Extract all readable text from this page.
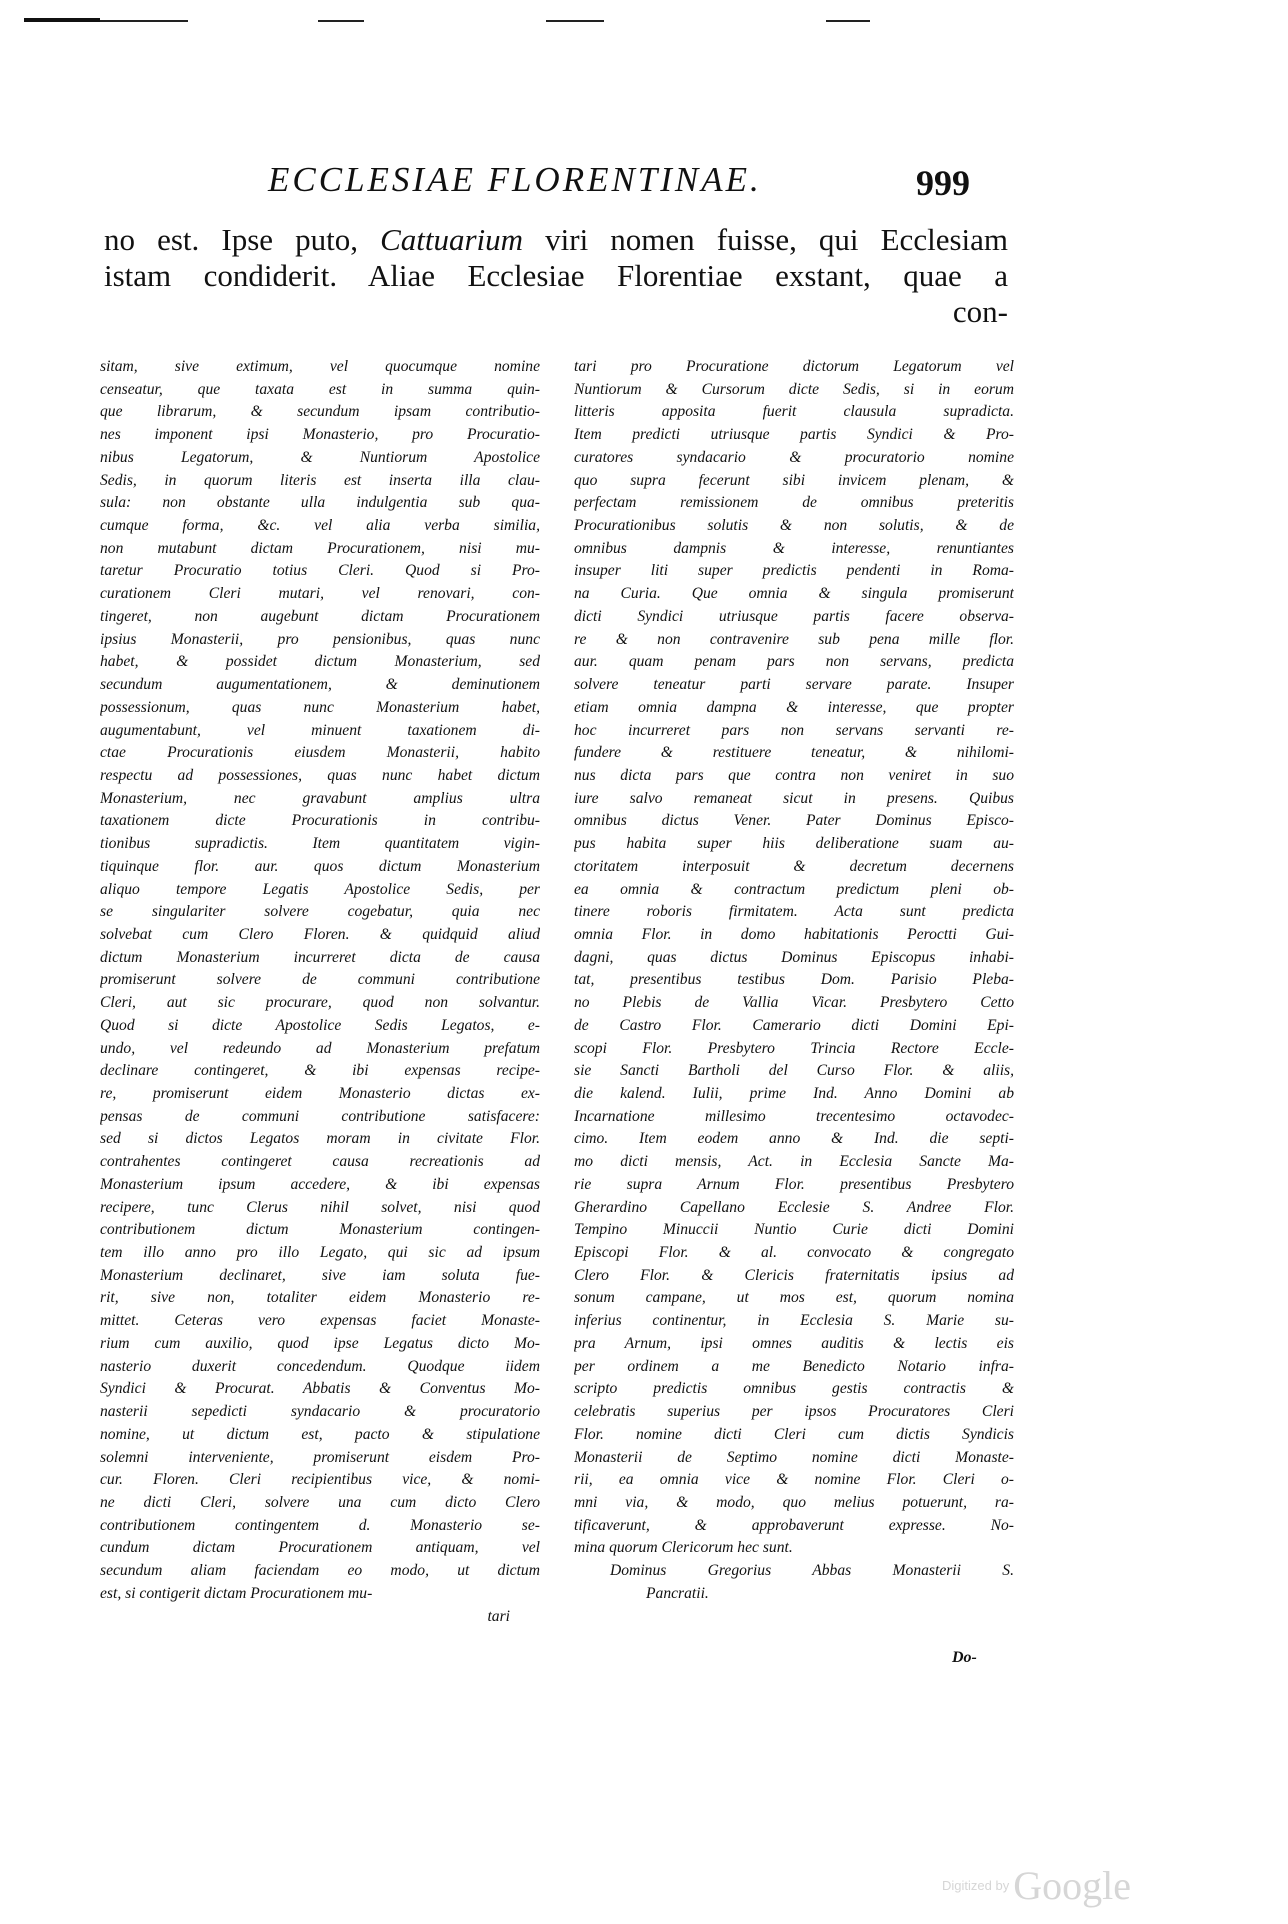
ECCLESIAE FLORENTINAE.	999
no est. Ipse puto, Cattuarium viri nomen fuisse, qui Ecclesiam
istam condiderit. Aliae Ecclesiae Florentiae exstant, quae a
con-
sitam, sive extimum, vel quocumque nomine
censeatur, que taxata est in summa quin-
que librarum, & secundum ipsam contributio-
nes imponent ipsi Monasterio, pro Procuratio-
nibus Legatorum, & Nuntiorum Apostolice
Sedis, in quorum literis est inserta illa clau-
sula: non obstante ulla indulgentia sub qua-
cumque forma, &c. vel alia verba similia,
non mutabunt dictam Procurationem, nisi mu-
taretur Procuratio totius Cleri. Quod si Pro-
curationem Cleri mutari, vel renovari, con-
tingeret, non augebunt dictam Procurationem
ipsius Monasterii, pro pensionibus, quas nunc
habet, & possidet dictum Monasterium, sed
secundum augumentationem, & deminutionem
possessionum, quas nunc Monasterium habet,
augumentabunt, vel minuent taxationem di-
ctae Procurationis eiusdem Monasterii, habito
respectu ad possessiones, quas nunc habet dictum
Monasterium, nec gravabunt amplius ultra
taxationem dicte Procurationis in contribu-
tionibus supradictis. Item quantitatem vigin-
tiquinque flor. aur. quos dictum Monasterium
aliquo tempore Legatis Apostolice Sedis, per
se singulariter solvere cogebatur, quia nec
solvebat cum Clero Floren. & quidquid aliud
dictum Monasterium incurreret dicta de causa
promiserunt solvere de communi contributione
Cleri, aut sic procurare, quod non solvantur.
Quod si dicte Apostolice Sedis Legatos, e-
undo, vel redeundo ad Monasterium prefatum
declinare contingeret, & ibi expensas recipe-
re, promiserunt eidem Monasterio dictas ex-
pensas de communi contributione satisfacere:
sed si dictos Legatos moram in civitate Flor.
contrahentes contingeret causa recreationis ad
Monasterium ipsum accedere, & ibi expensas
recipere, tunc Clerus nihil solvet, nisi quod
contributionem dictum Monasterium contingen-
tem illo anno pro illo Legato, qui sic ad ipsum
Monasterium declinaret, sive iam soluta fue-
rit, sive non, totaliter eidem Monasterio re-
mittet. Ceteras vero expensas faciet Monaste-
rium cum auxilio, quod ipse Legatus dicto Mo-
nasterio duxerit concedendum. Quodque iidem
Syndici & Procurat. Abbatis & Conventus Mo-
nasterii sepedicti syndacario & procuratorio
nomine, ut dictum est, pacto & stipulatione
solemni interveniente, promiserunt eisdem Pro-
cur. Floren. Cleri recipientibus vice, & nomi-
ne dicti Cleri, solvere una cum dicto Clero
contributionem contingentem d. Monasterio se-
cundum dictam Procurationem antiquam, vel
secundum aliam faciendam eo modo, ut dictum
est, si contigerit dictam Procurationem mu-
tari
tari pro Procuratione dictorum Legatorum vel
Nuntiorum & Cursorum dicte Sedis, si in eorum
litteris apposita fuerit clausula supradicta.
Item predicti utriusque partis Syndici & Pro-
curatores syndacario & procuratorio nomine
quo supra fecerunt sibi invicem plenam, &
perfectam remissionem de omnibus preteritis
Procurationibus solutis & non solutis, & de
omnibus dampnis & interesse, renuntiantes
insuper liti super predictis pendenti in Roma-
na Curia. Que omnia & singula promiserunt
dicti Syndici utriusque partis facere observa-
re & non contravenire sub pena mille flor.
aur. quam penam pars non servans, predicta
solvere teneatur parti servare parate. Insuper
etiam omnia dampna & interesse, que propter
hoc incurreret pars non servans servanti re-
fundere & restituere teneatur, & nihilomi-
nus dicta pars que contra non veniret in suo
iure salvo remaneat sicut in presens. Quibus
omnibus dictus Vener. Pater Dominus Episco-
pus habita super hiis deliberatione suam au-
ctoritatem interposuit & decretum decernens
ea omnia & contractum predictum pleni ob-
tinere roboris firmitatem. Acta sunt predicta
omnia Flor. in domo habitationis Peroctti Gui-
dagni, quas dictus Dominus Episcopus inhabi-
tat, presentibus testibus Dom. Parisio Pleba-
no Plebis de Vallia Vicar. Presbytero Cetto
de Castro Flor. Camerario dicti Domini Epi-
scopi Flor. Presbytero Trincia Rectore Eccle-
sie Sancti Bartholi del Curso Flor. & aliis,
die kalend. Iulii, prime Ind. Anno Domini ab
Incarnatione millesimo trecentesimo octavodec-
cimo. Item eodem anno & Ind. die septi-
mo dicti mensis, Act. in Ecclesia Sancte Ma-
rie supra Arnum Flor. presentibus Presbytero
Gherardino Capellano Ecclesie S. Andree Flor.
Tempino Minuccii Nuntio Curie dicti Domini
Episcopi Flor. & al. convocato & congregato
Clero Flor. & Clericis fraternitatis ipsius ad
sonum campane, ut mos est, quorum nomina
inferius continentur, in Ecclesia S. Marie su-
pra Arnum, ipsi omnes auditis & lectis eis
per ordinem a me Benedicto Notario infra-
scripto predictis omnibus gestis contractis &
celebratis superius per ipsos Procuratores Cleri
Flor. nomine dicti Cleri cum dictis Syndicis
Monasterii de Septimo nomine dicti Monaste-
rii, ea omnia vice & nomine Flor. Cleri o-
mni via, & modo, quo melius potuerunt, ra-
tificaverunt, & approbaverunt expresse. No-
mina quorum Clericorum hec sunt.
Dominus Gregorius Abbas Monasterii S.
Pancratii.
Do-
Digitized by Google
